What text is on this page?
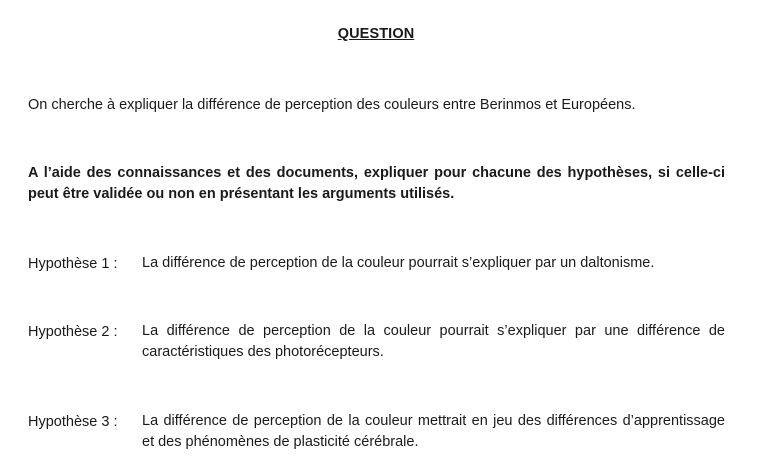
QUESTION
On cherche à expliquer la différence de perception des couleurs entre Berinmos et Européens.
A l’aide des connaissances et des documents, expliquer pour chacune des hypothèses, si celle-ci peut être validée ou non en présentant les arguments utilisés.
Hypothèse 1 :	La différence de perception de la couleur pourrait s’expliquer par un daltonisme.
Hypothèse 2 :	La différence de perception de la couleur pourrait s’expliquer par une différence de caractéristiques des photorécepteurs.
Hypothèse 3 :	La différence de perception de la couleur mettrait en jeu des différences d’apprentissage et des phénomènes de plasticité cérébrale.
